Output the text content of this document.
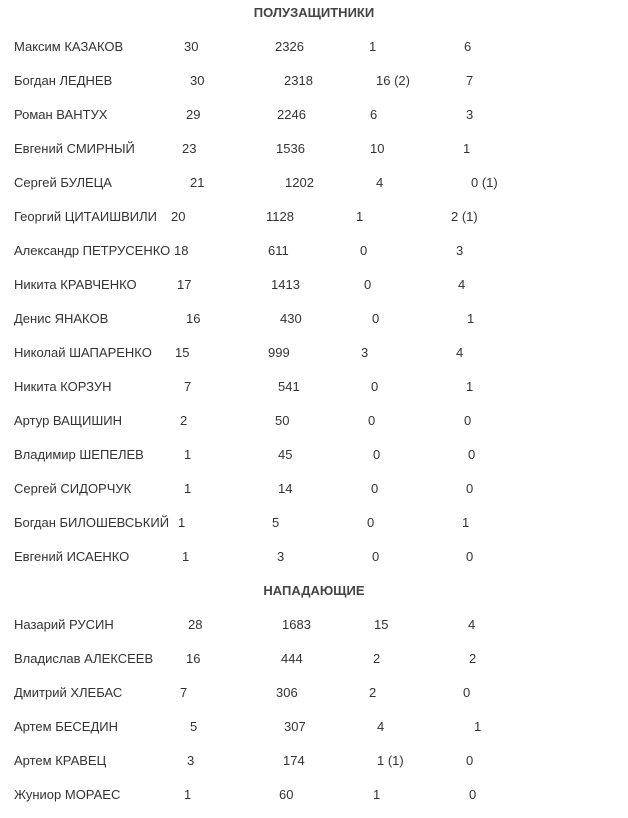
ПОЛУЗАЩИТНИКИ
Максим КАЗАКОВ	30	2326	1	6
Богдан ЛЕДНЕВ	30	2318	16 (2)	7
Роман ВАНТУХ	29	2246	6	3
Евгений СМИРНЫЙ	23	1536	10	1
Сергей БУЛЕЦА	21	1202	4	0 (1)
Георгий ЦИТАИШВИЛИ 20	1128	1	2 (1)
Александр ПЕТРУСЕНКО 18	611	0	3
Никита КРАВЧЕНКО	17	1413	0	4
Денис ЯНАКОВ	16	430	0	1
Николай ШАПАРЕНКО 15	999	3	4
Никита КОРЗУН	7	541	0	1
Артур ВАЩИШИН	2	50	0	0
Владимир ШЕПЕЛЕВ	1	45	0	0
Сергей СИДОРЧУК	1	14	0	0
Богдан БИЛОШЕВСЬКИЙ 1	5	0	1
Евгений ИСАЕНКО	1	3	0	0
НАПАДАЮЩИЕ
Назарий РУСИН	28	1683	15	4
Владислав АЛЕКСЕЕВ	16	444	2	2
Дмитрий ХЛЕБАС	7	306	2	0
Артем БЕСЕДИН	5	307	4	1
Артем КРАВЕЦ	3	174	1 (1)	0
Жуниор МОРАЕС	1	60	1	0
